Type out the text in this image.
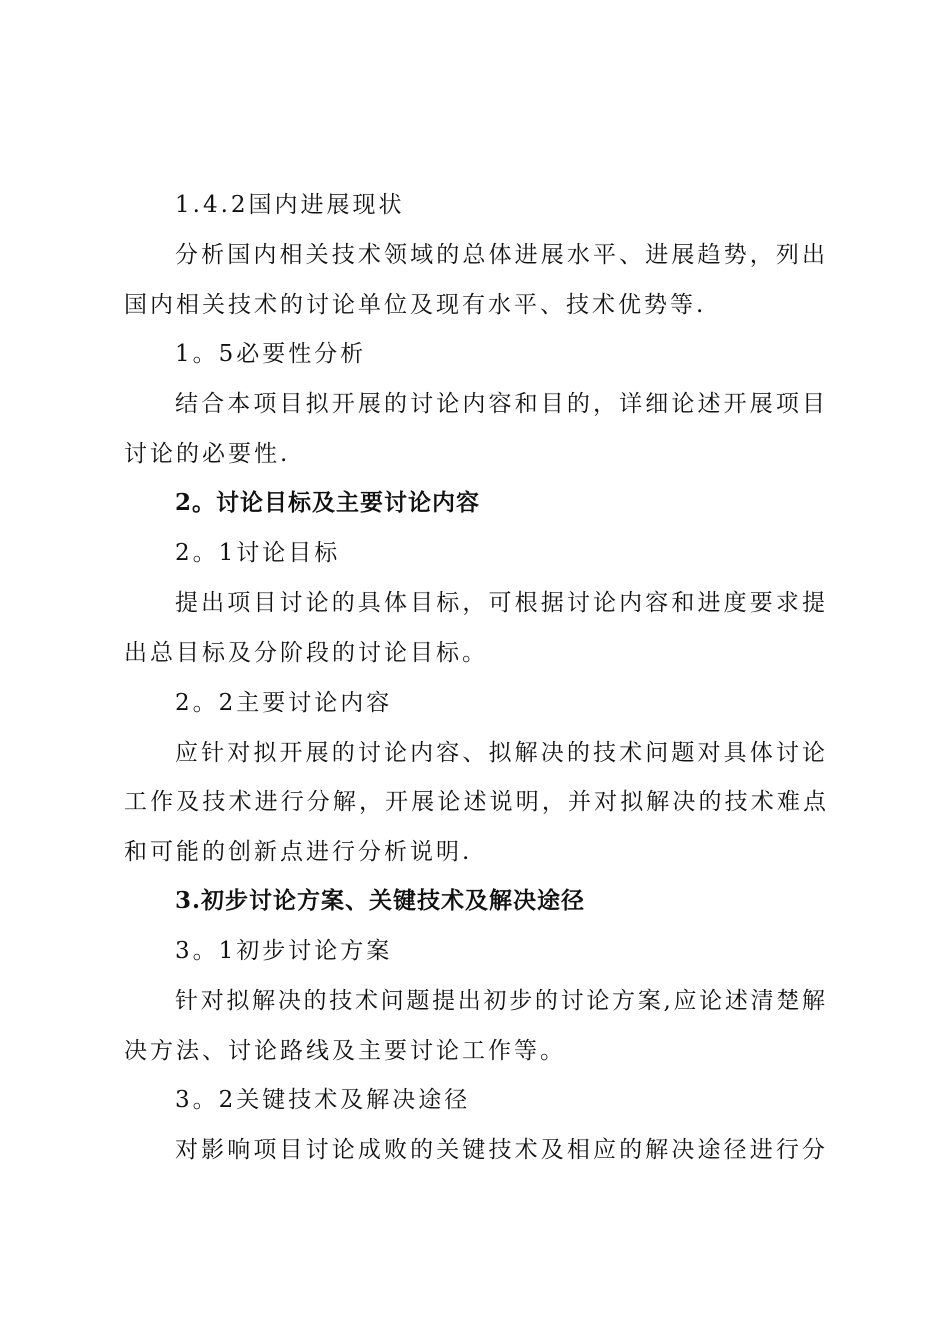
1.4.2国内进展现状
分析国内相关技术领域的总体进展水平、进展趋势，列出
国内相关技术的讨论单位及现有水平、技术优势等.
1。5必要性分析
结合本项目拟开展的讨论内容和目的，详细论述开展项目
讨论的必要性.
2。讨论目标及主要讨论内容
2。1讨论目标
提出项目讨论的具体目标，可根据讨论内容和进度要求提
出总目标及分阶段的讨论目标。
2。2主要讨论内容
应针对拟开展的讨论内容、拟解决的技术问题对具体讨论
工作及技术进行分解，开展论述说明，并对拟解决的技术难点
和可能的创新点进行分析说明.
3.初步讨论方案、关键技术及解决途径
3。1初步讨论方案
针对拟解决的技术问题提出初步的讨论方案,应论述清楚解
决方法、讨论路线及主要讨论工作等。
3。2关键技术及解决途径
对影响项目讨论成败的关键技术及相应的解决途径进行分
